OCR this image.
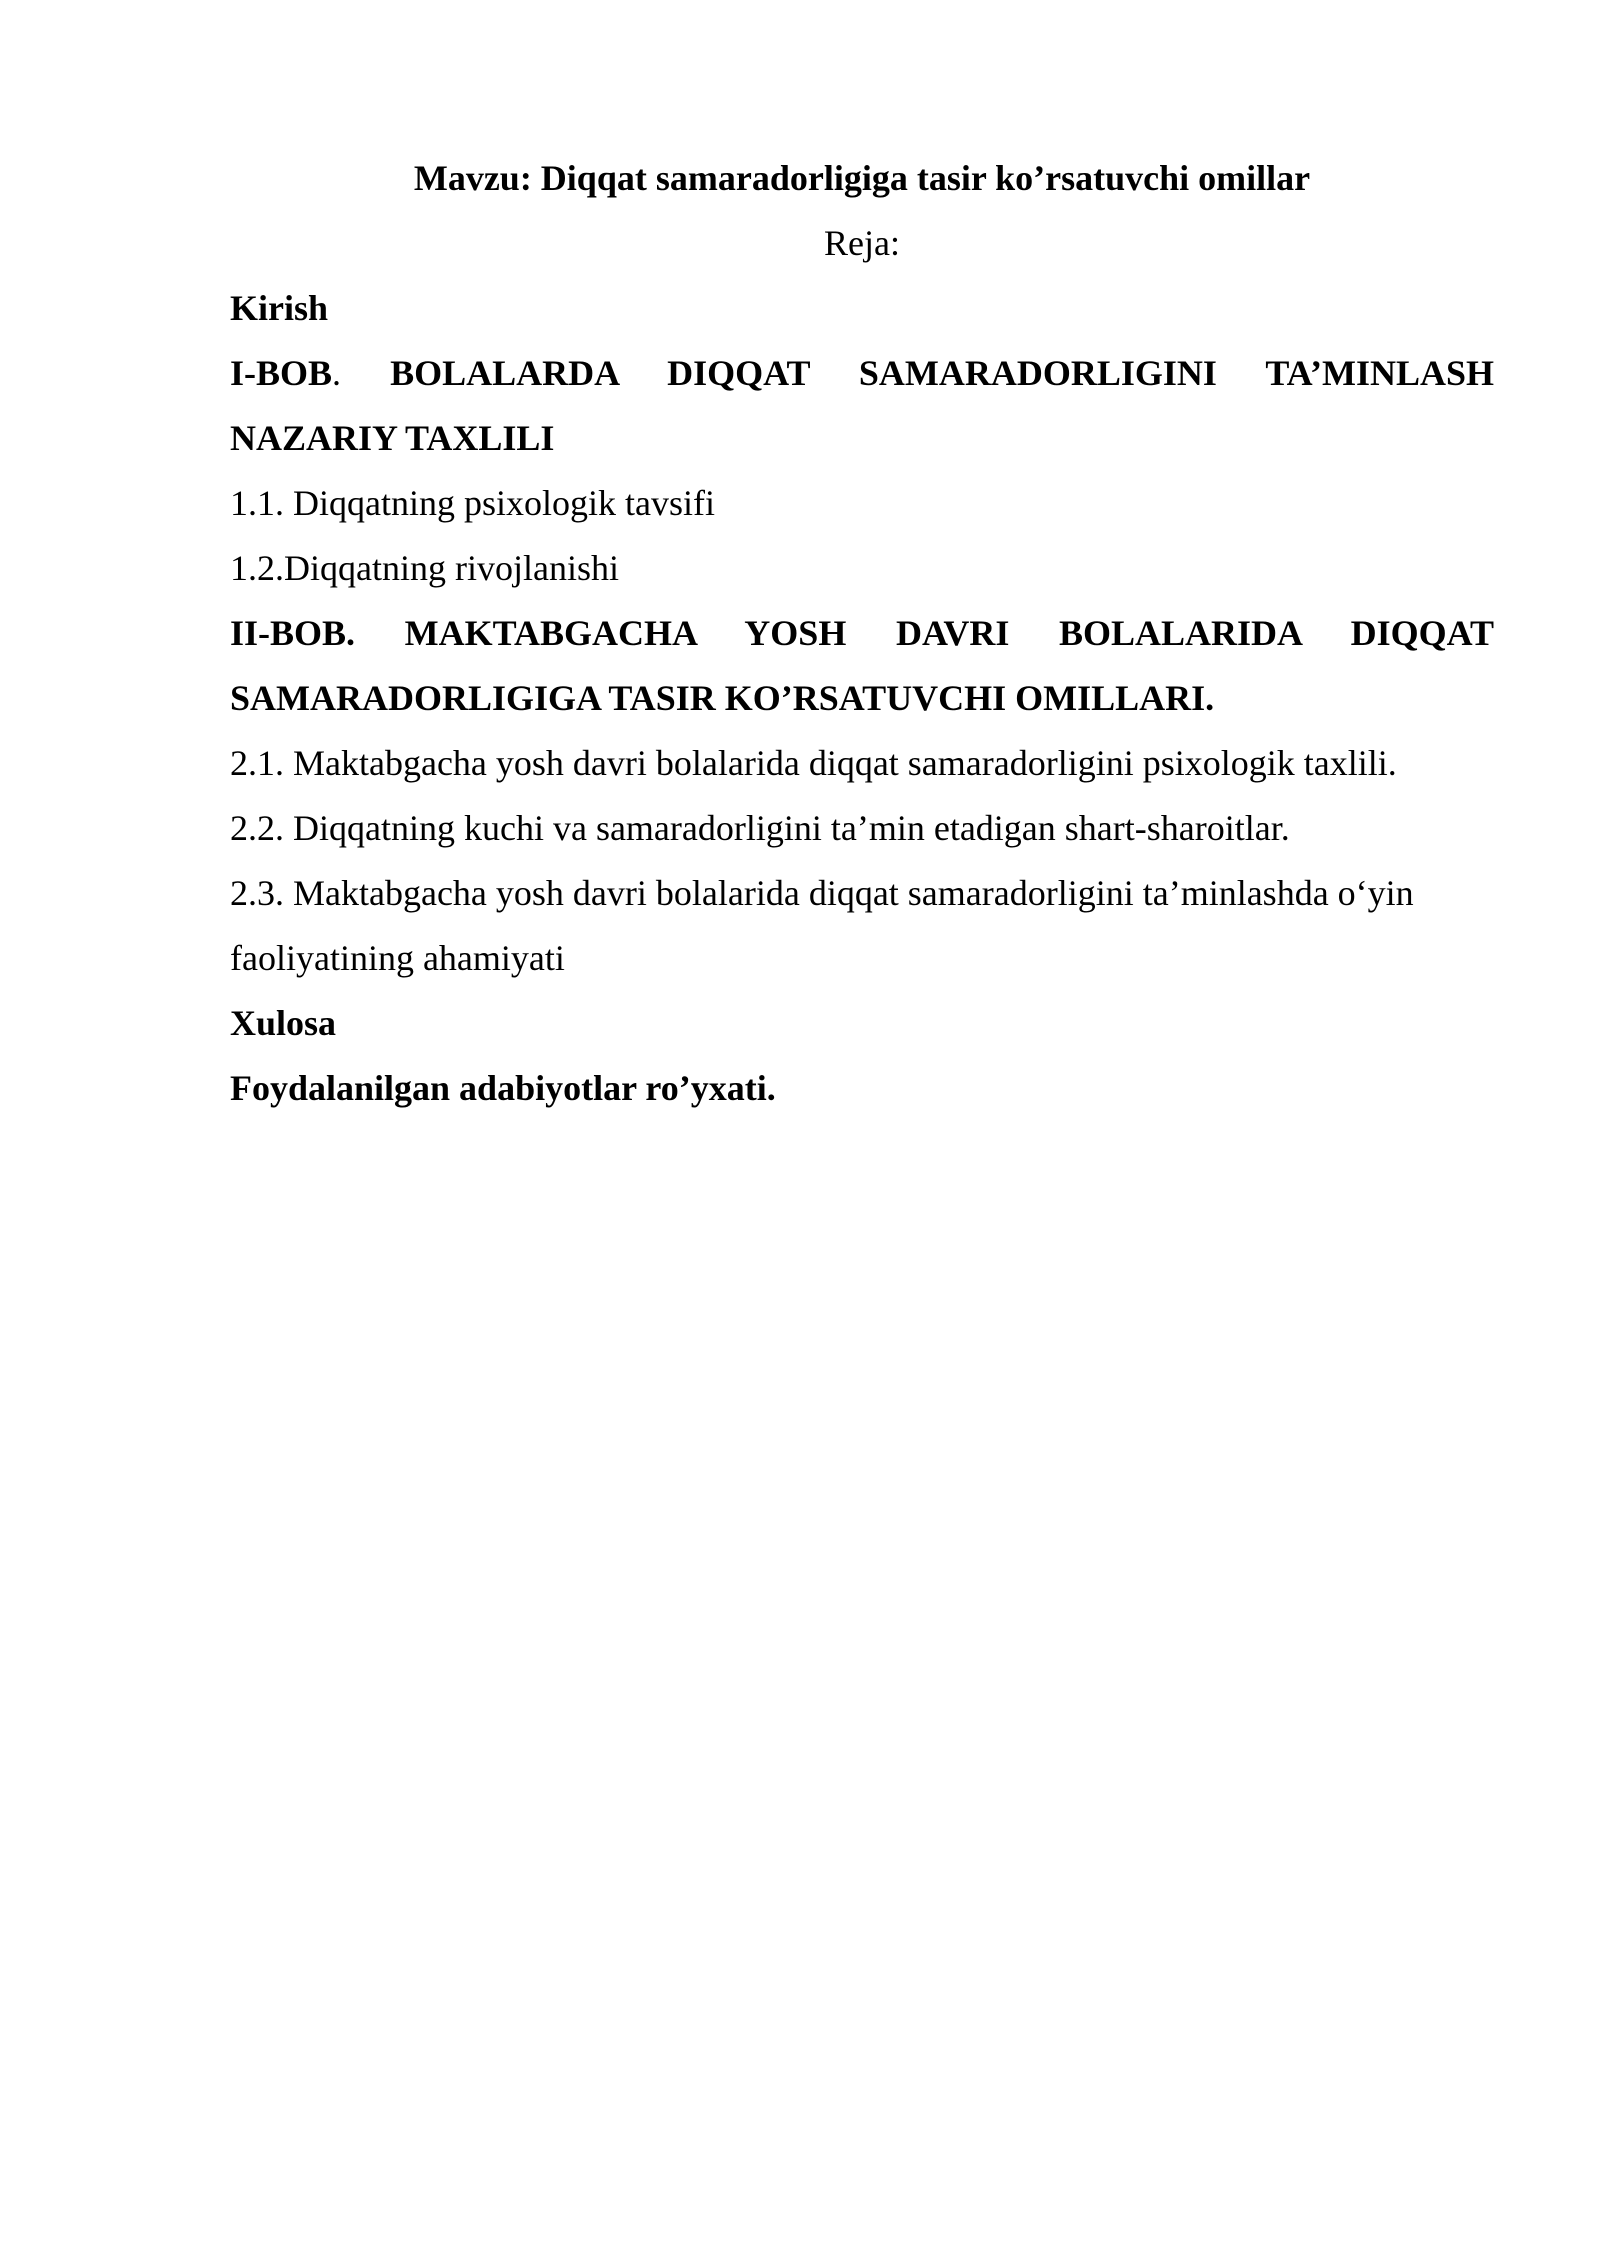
Mavzu: Diqqat samaradorligiga tasir ko’rsatuvchi omillar

Reja:

Kirish

I-BOB. BOLALARDA DIQQAT SAMARADORLIGINI TA’MINLASH NAZARIY TAXLILI

1.1. Diqqatning psixologik tavsifi

1.2.Diqqatning rivojlanishi

II-BOB. MAKTABGACHA YOSH DAVRI BOLALARIDA DIQQAT SAMARADORLIGIGA TASIR KO’RSATUVCHI OMILLARI.

2.1. Maktabgacha yosh davri bolalarida diqqat samaradorligini psixologik taxlili.

2.2. Diqqatning kuchi va samaradorligini ta’min etadigan shart-sharoitlar.

2.3. Maktabgacha yosh davri bolalarida diqqat samaradorligini ta’minlashda o‘yin faoliyatining ahamiyati

Xulosa

Foydalanilgan adabiyotlar ro’yxati.
